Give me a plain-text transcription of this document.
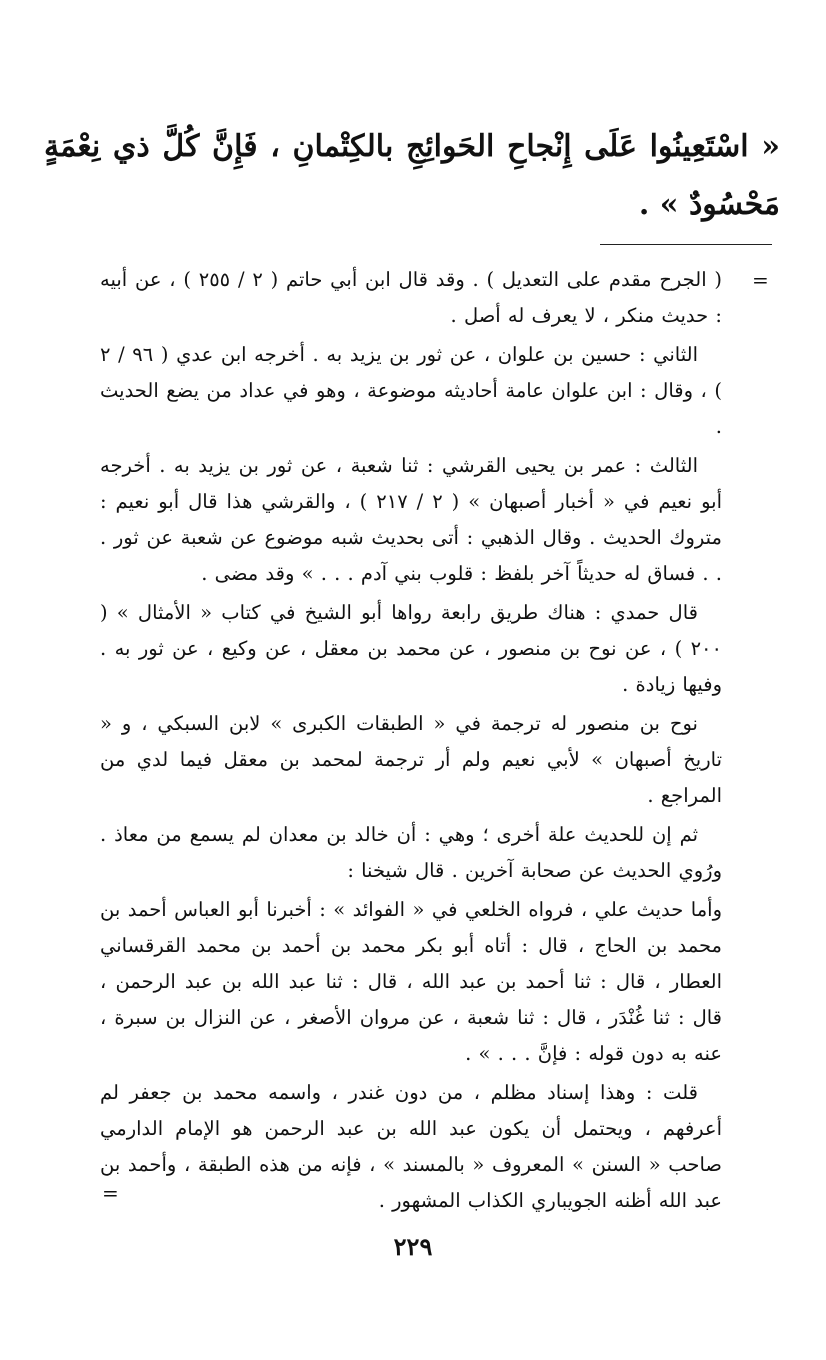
« اسْتَعِينُوا عَلَى إِنْجاحِ الحَوائِجِ بالكِتْمانِ ، فَإِنَّ كُلَّ ذي نِعْمَةٍ مَحْسُودٌ » .

=

( الجرح مقدم على التعديل ) . وقد قال ابن أبي حاتم ( ٢ / ٢٥٥ ) ، عن أبيه : حديث منكر ، لا يعرف له أصل .

الثاني : حسين بن علوان ، عن ثور بن يزيد به . أخرجه ابن عدي ( ٩٦ / ٢ ) ، وقال : ابن علوان عامة أحاديثه موضوعة ، وهو في عداد من يضع الحديث .

الثالث : عمر بن يحيى القرشي : ثنا شعبة ، عن ثور بن يزيد به . أخرجه أبو نعيم في « أخبار أصبهان » ( ٢ / ٢١٧ ) ، والقرشي هذا قال أبو نعيم : متروك الحديث . وقال الذهبي : أتى بحديث شبه موضوع عن شعبة عن ثور . . . فساق له حديثاً آخر بلفظ : قلوب بني آدم . . . » وقد مضى .

قال حمدي : هناك طريق رابعة رواها أبو الشيخ في كتاب « الأمثال » ( ٢٠٠ ) ، عن نوح بن منصور ، عن محمد بن معقل ، عن وكيع ، عن ثور به . وفيها زيادة .

نوح بن منصور له ترجمة في « الطبقات الكبرى » لابن السبكي ، و « تاريخ أصبهان » لأبي نعيم ولم أر ترجمة لمحمد بن معقل فيما لدي من المراجع .

ثم إن للحديث علة أخرى ؛ وهي : أن خالد بن معدان لم يسمع من معاذ . ورُوي الحديث عن صحابة آخرين . قال شيخنا :

وأما حديث علي ، فرواه الخلعي في « الفوائد » : أخبرنا أبو العباس أحمد بن محمد بن الحاج ، قال : أتاه أبو بكر محمد بن أحمد بن محمد القرقساني العطار ، قال : ثنا أحمد بن عبد الله ، قال : ثنا عبد الله بن عبد الرحمن ، قال : ثنا غُنْدَر ، قال : ثنا شعبة ، عن مروان الأصغر ، عن النزال بن سبرة ، عنه به دون قوله : فإنَّ . . . » .

قلت : وهذا إسناد مظلم ، من دون غندر ، واسمه محمد بن جعفر لم أعرفهم ، ويحتمل أن يكون عبد الله بن عبد الرحمن هو الإمام الدارمي صاحب « السنن » المعروف « بالمسند » ، فإنه من هذه الطبقة ، وأحمد بن عبد الله أظنه الجويباري الكذاب المشهور .

=
٢٢٩
